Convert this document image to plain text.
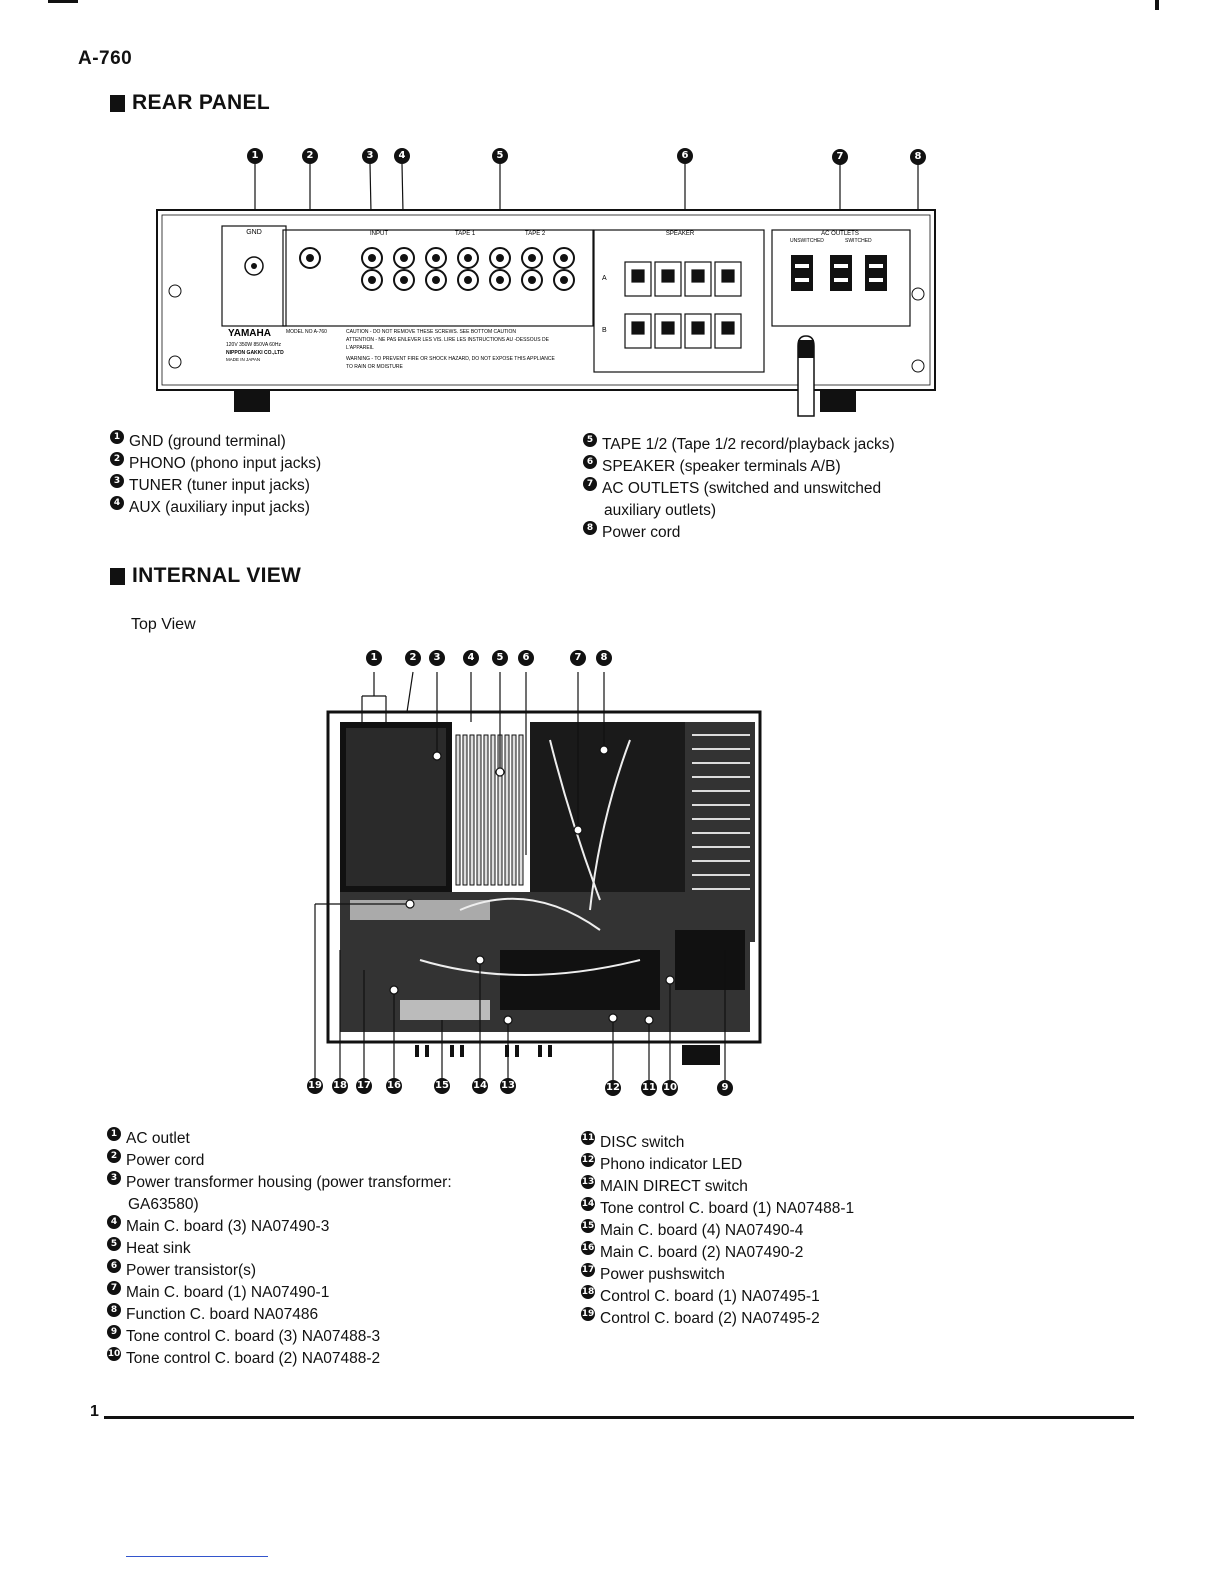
A-760
REAR PANEL
GND	INPUT	TAPE 1	TAPE 2	SPEAKER
A
B
AC OUTLETS
UNSWITCHED	SWITCHED
YAMAHA	MODEL NO A-760
120V 350W 850VA 60Hz
NIPPON GAKKI CO.,LTD
MADE IN JAPAN
CAUTION - DO NOT REMOVE THESE SCREWS. SEE BOTTOM CAUTION
ATTENTION - NE PAS ENLEVER LES VIS. LIRE LES INSTRUCTIONS AU -DESSOUS DE
L'APPAREIL
WARNING - TO PREVENT FIRE OR SHOCK HAZARD, DO NOT EXPOSE THIS APPLIANCE
TO RAIN OR MOISTURE
1	2	3	4	5	6	7	8
1 GND (ground terminal)
2 PHONO (phono input jacks)
3 TUNER (tuner input jacks)
4 AUX (auxiliary input jacks)
5 TAPE 1/2 (Tape 1/2 record/playback jacks)
6 SPEAKER (speaker terminals A/B)
7 AC OUTLETS (switched and unswitched
auxiliary outlets)
8 Power cord
INTERNAL VIEW
Top View
1	2	3	4	5	6	7	8
19 18 17 16	15 14 13	12 11 10	9
1 AC outlet
2 Power cord
3 Power transformer housing (power transformer:
GA63580)
4 Main C. board (3) NA07490-3
5 Heat sink
6 Power transistor(s)
7 Main C. board (1) NA07490-1
8 Function C. board NA07486
9 Tone control C. board (3) NA07488-3
10 Tone control C. board (2) NA07488-2
11 DISC switch
12 Phono indicator LED
13 MAIN DIRECT switch
14 Tone control C. board (1) NA07488-1
15 Main C. board (4) NA07490-4
16 Main C. board (2) NA07490-2
17 Power pushswitch
18 Control C. board (1) NA07495-1
19 Control C. board (2) NA07495-2
1
